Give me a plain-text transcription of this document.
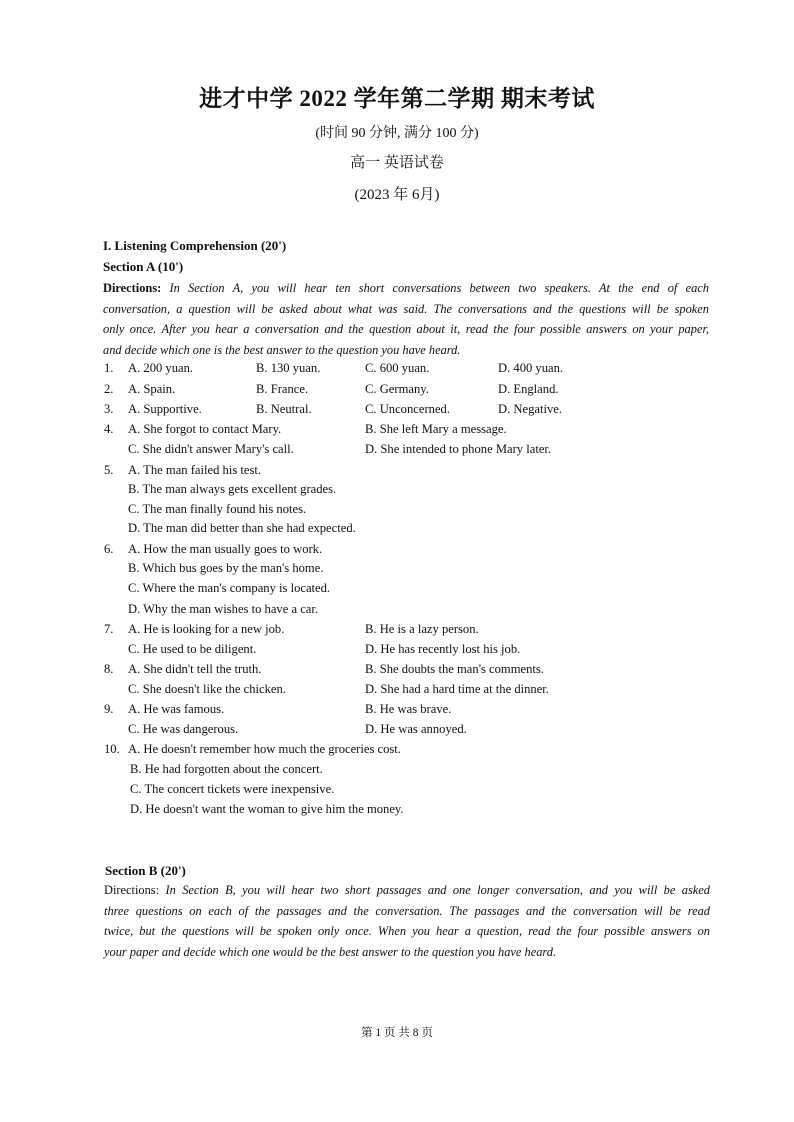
进才中学 2022 学年第二学期 期末考试
(时间 90 分钟, 满分 100 分)
高一 英语试卷
(2023 年 6月)
I. Listening Comprehension (20')
Section A (10')
Directions: In Section A, you will hear ten short conversations between two speakers. At the end of each
conversation, a question will be asked about what was said. The conversations and the questions will be spoken
only once. After you hear a conversation and the question about it, read the four possible answers on your paper,
and decide which one is the best answer to the question you have heard.
1. A. 200 yuan.	B. 130 yuan.	C. 600 yuan.	D. 400 yuan.
2. A. Spain.	B. France.	C. Germany.	D. England.
3. A. Supportive.	B. Neutral.	C. Unconcerned.	D. Negative.
4. A. She forgot to contact Mary.	B. She left Mary a message.
C. She didn't answer Mary's call.	D. She intended to phone Mary later.
5. A. The man failed his test.
B. The man always gets excellent grades.
C. The man finally found his notes.
D. The man did better than she had expected.
6. A. How the man usually goes to work.
B. Which bus goes by the man's home.
C. Where the man's company is located.
D. Why the man wishes to have a car.
7. A. He is looking for a new job.	B. He is a lazy person.
C. He used to be diligent.	D. He has recently lost his job.
8. A. She didn't tell the truth.	B. She doubts the man's comments.
C. She doesn't like the chicken.	D. She had a hard time at the dinner.
9. A. He was famous.	B. He was brave.
C. He was dangerous.	D. He was annoyed.
10. A. He doesn't remember how much the groceries cost.
B. He had forgotten about the concert.
C. The concert tickets were inexpensive.
D. He doesn't want the woman to give him the money.
Section B (20')
Directions: In Section B, you will hear two short passages and one longer conversation, and you will be asked
three questions on each of the passages and the conversation. The passages and the conversation will be read
twice, but the questions will be spoken only once. When you hear a question, read the four possible answers on
your paper and decide which one would be the best answer to the question you have heard.
第 1 页 共 8 页
